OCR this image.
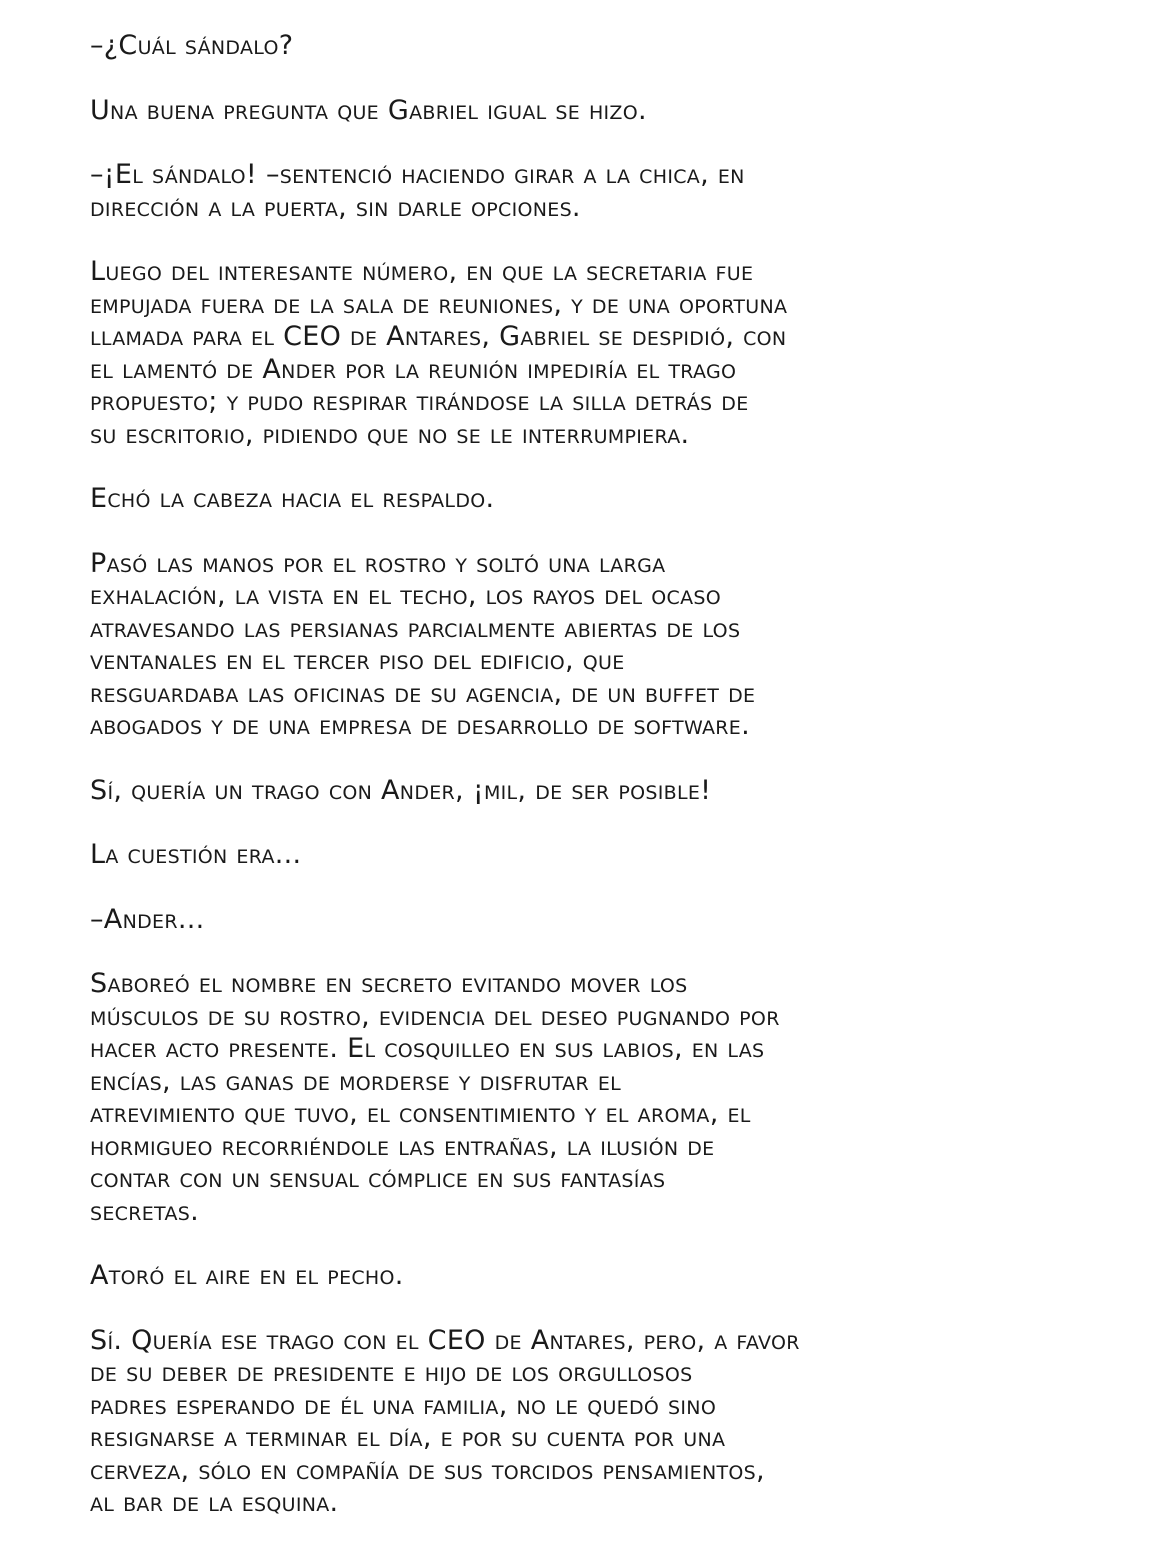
–¿Cuál sándalo?

Una buena pregunta que Gabriel igual se hizo.

–¡El sándalo! –sentenció haciendo girar a la chica, en
dirección a la puerta, sin darle opciones.

Luego del interesante número, en que la secretaria fue
empujada fuera de la sala de reuniones, y de una oportuna
llamada para el CEO de Antares, Gabriel se despidió, con
el lamentó de Ander por la reunión impediría el trago
propuesto; y pudo respirar tirándose la silla detrás de
su escritorio, pidiendo que no se le interrumpiera.

Echó la cabeza hacia el respaldo.

Pasó las manos por el rostro y soltó una larga
exhalación, la vista en el techo, los rayos del ocaso
atravesando las persianas parcialmente abiertas de los
ventanales en el tercer piso del edificio, que
resguardaba las oficinas de su agencia, de un buffet de
abogados y de una empresa de desarrollo de software.

Sí, quería un trago con Ander, ¡mil, de ser posible!

La cuestión era...

–Ander...

Saboreó el nombre en secreto evitando mover los
músculos de su rostro, evidencia del deseo pugnando por
hacer acto presente. El cosquilleo en sus labios, en las
encías, las ganas de morderse y disfrutar el
atrevimiento que tuvo, el consentimiento y el aroma, el
hormigueo recorriéndole las entrañas, la ilusión de
contar con un sensual cómplice en sus fantasías
secretas.

Atoró el aire en el pecho.

Sí. Quería ese trago con el CEO de Antares, pero, a favor
de su deber de presidente e hijo de los orgullosos
padres esperando de él una familia, no le quedó sino
resignarse a terminar el día, e por su cuenta por una
cerveza, sólo en compañía de sus torcidos pensamientos,
al bar de la esquina.
